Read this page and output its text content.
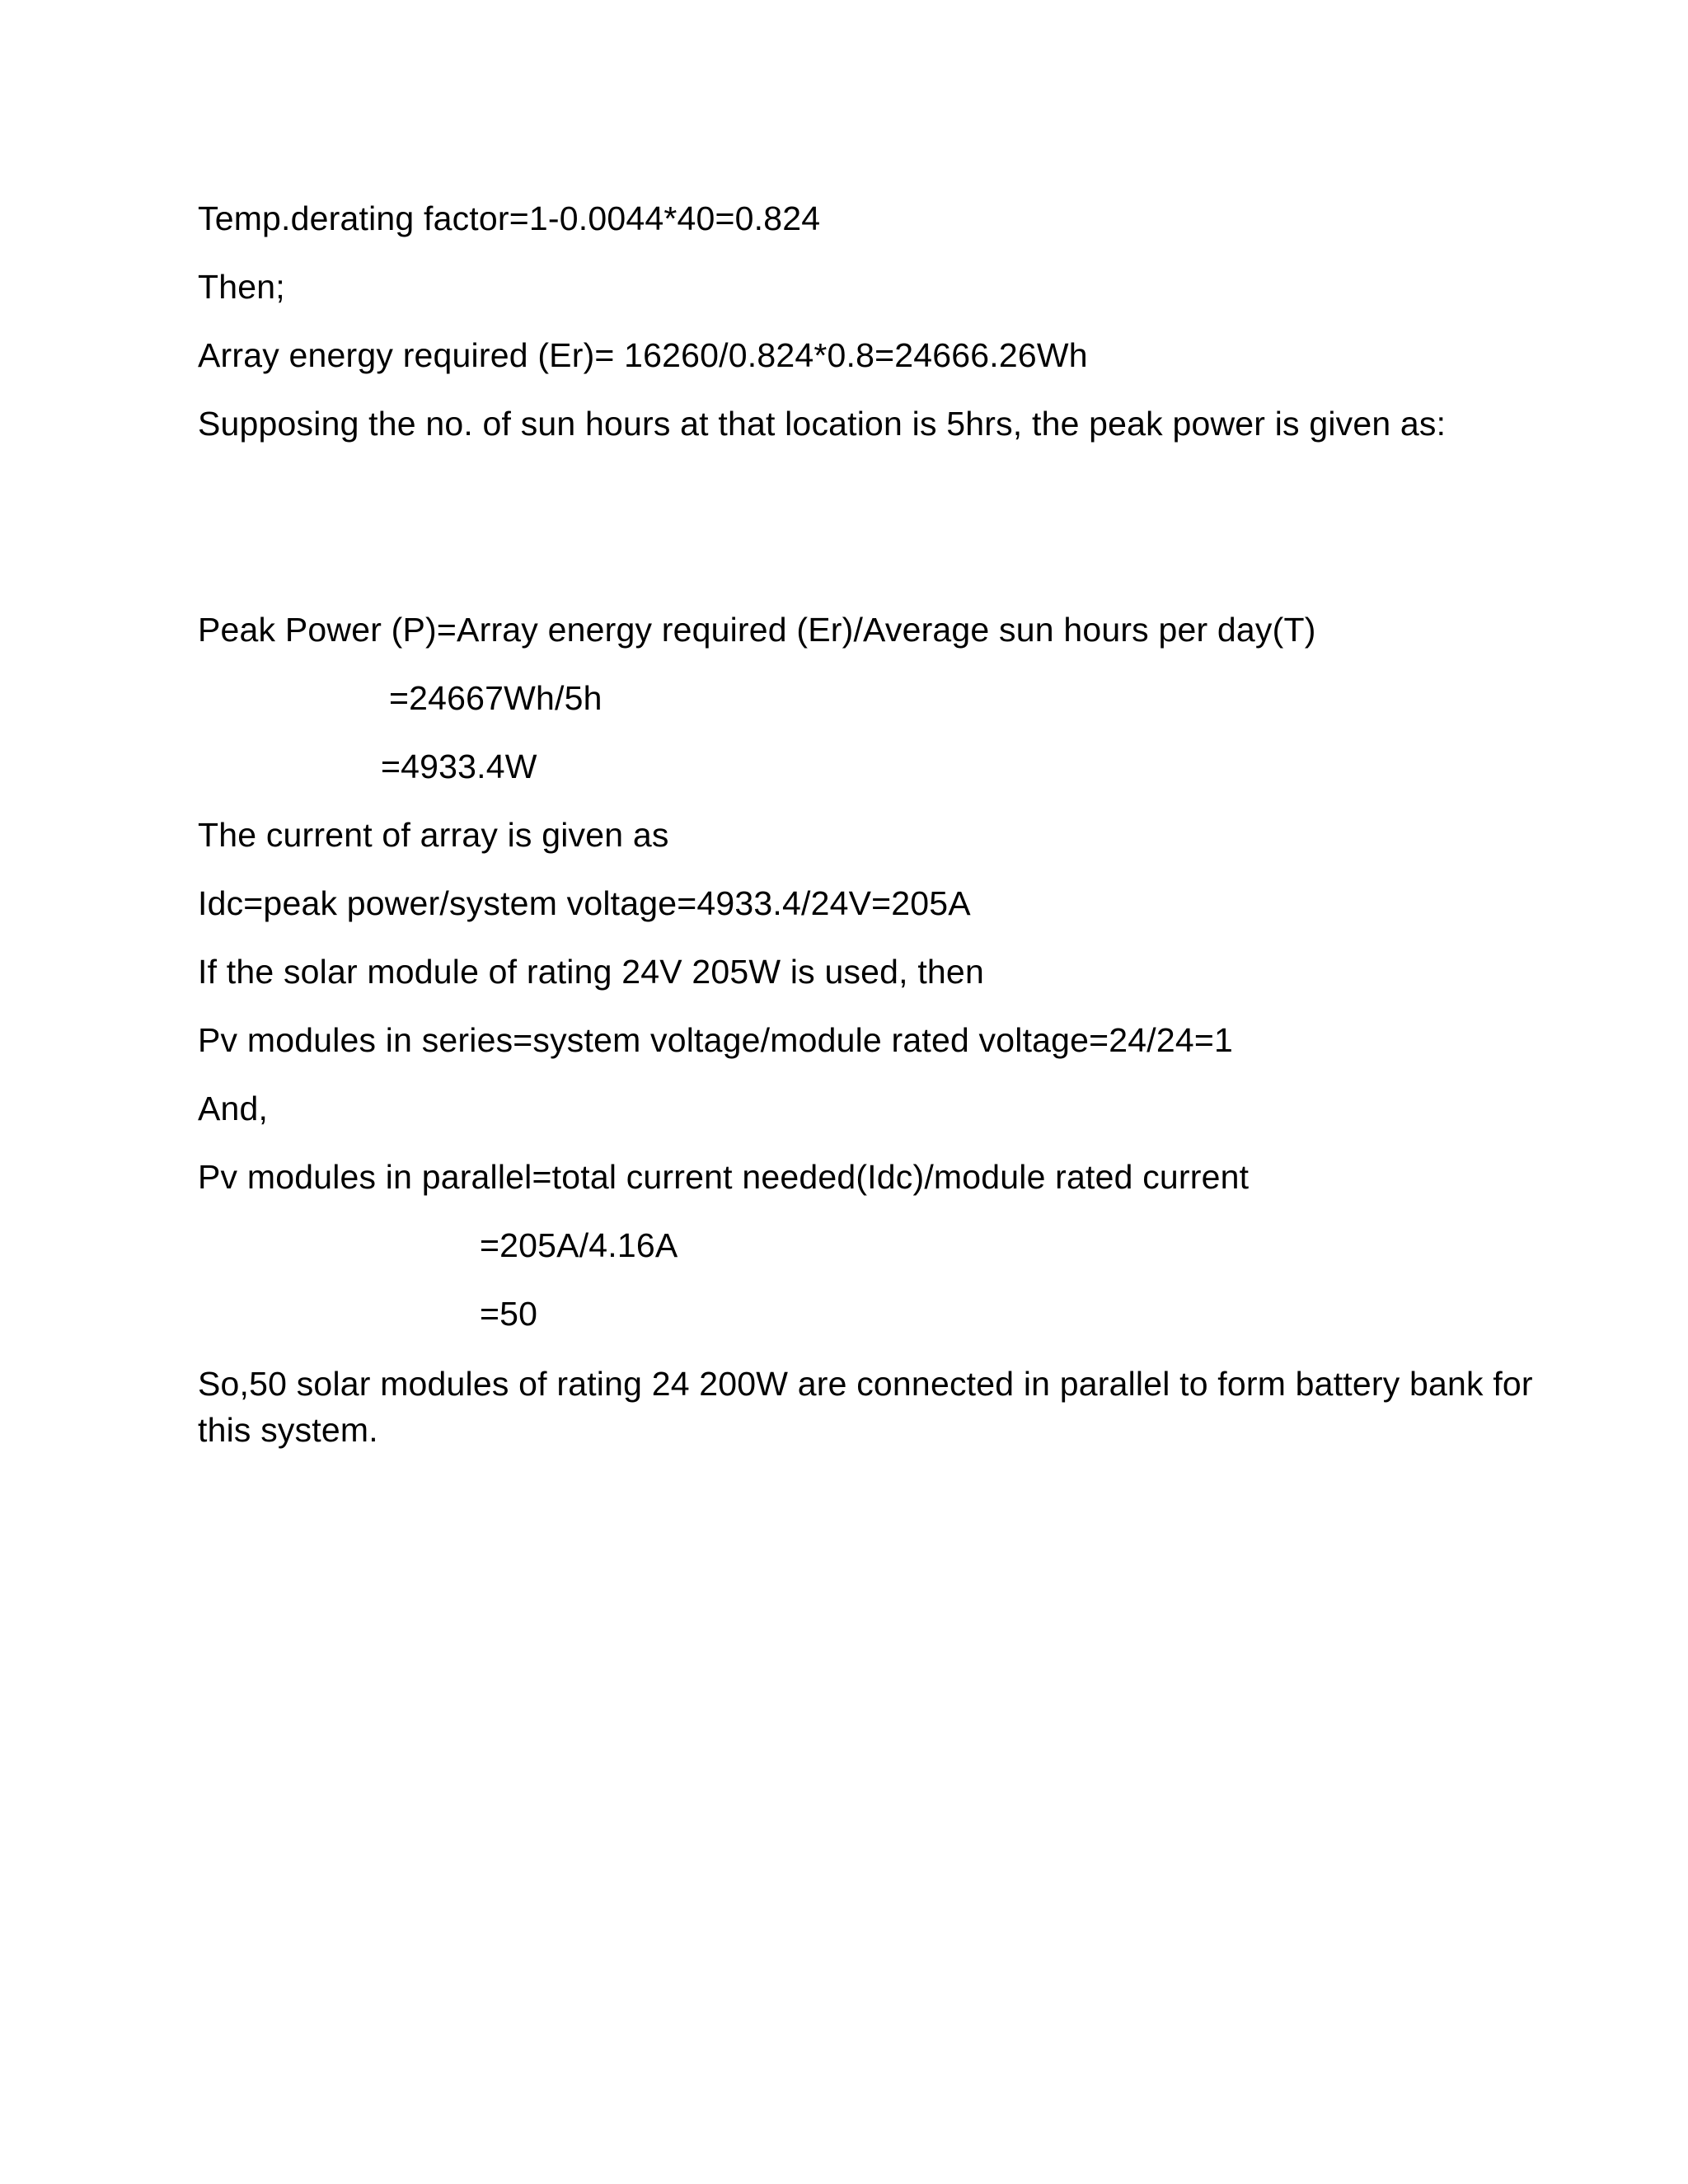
Temp.derating factor=1-0.0044*40=0.824
Then;
Array energy required (Er)= 16260/0.824*0.8=24666.26Wh
Supposing the no. of sun hours at that location is 5hrs, the peak power is given as:
Peak Power (P)=Array energy required (Er)/Average sun hours per day(T)
=24667Wh/5h
=4933.4W
The current of array is given as
Idc=peak power/system voltage=4933.4/24V=205A
If the solar module of rating 24V 205W is used, then
Pv modules in series=system voltage/module rated voltage=24/24=1
And,
Pv modules in parallel=total current needed(Idc)/module rated current
=205A/4.16A
=50
So,50 solar modules of rating 24 200W are connected in parallel to form battery bank for this system.
